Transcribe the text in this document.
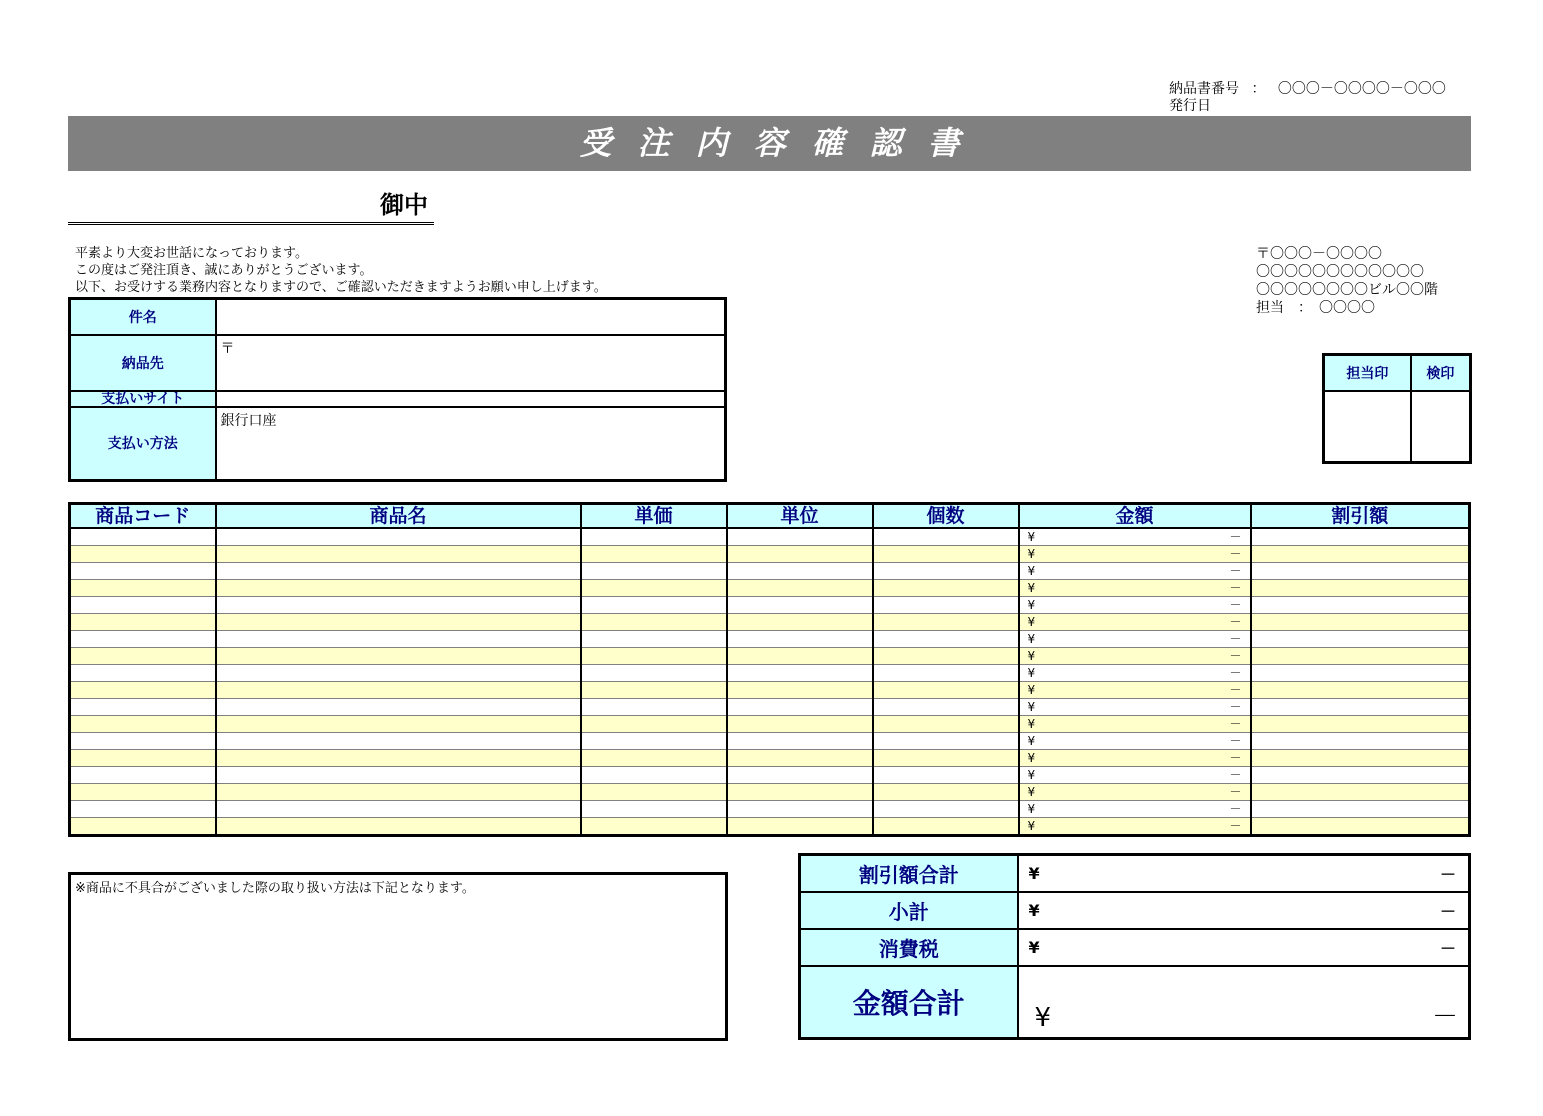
納品書番号 ： 〇〇〇－〇〇〇〇－〇〇〇
発行日
受注内容確認書
御中
平素より大変お世話になっております。
この度はご発注頂き、誠にありがとうございます。
以下、お受けする業務内容となりますので、ご確認いただきますようお願い申し上げます。
〒〇〇〇－〇〇〇〇
〇〇〇〇〇〇〇〇〇〇〇〇
〇〇〇〇〇〇〇〇ビル〇〇階
担当　：　〇〇〇〇
件名	
納品先	〒
支払いサイト	
支払い方法	銀行口座
担当印	検印

商品コード	商品名	単価	単位	個数	金額	割引額

					¥ －	

					¥ －	

					¥ －	

					¥ －	

					¥ －	

					¥ －	

					¥ －	

					¥ －	

					¥ －	

					¥ －	

					¥ －	

					¥ －	

					¥ －	

					¥ －	

					¥ －	

					¥ －	

					¥ －	

					¥ －	

※商品に不具合がございました際の取り扱い方法は下記となります。
割引額合計	¥ －

小計	¥ －

消費税	¥ －

金額合計	¥ －
